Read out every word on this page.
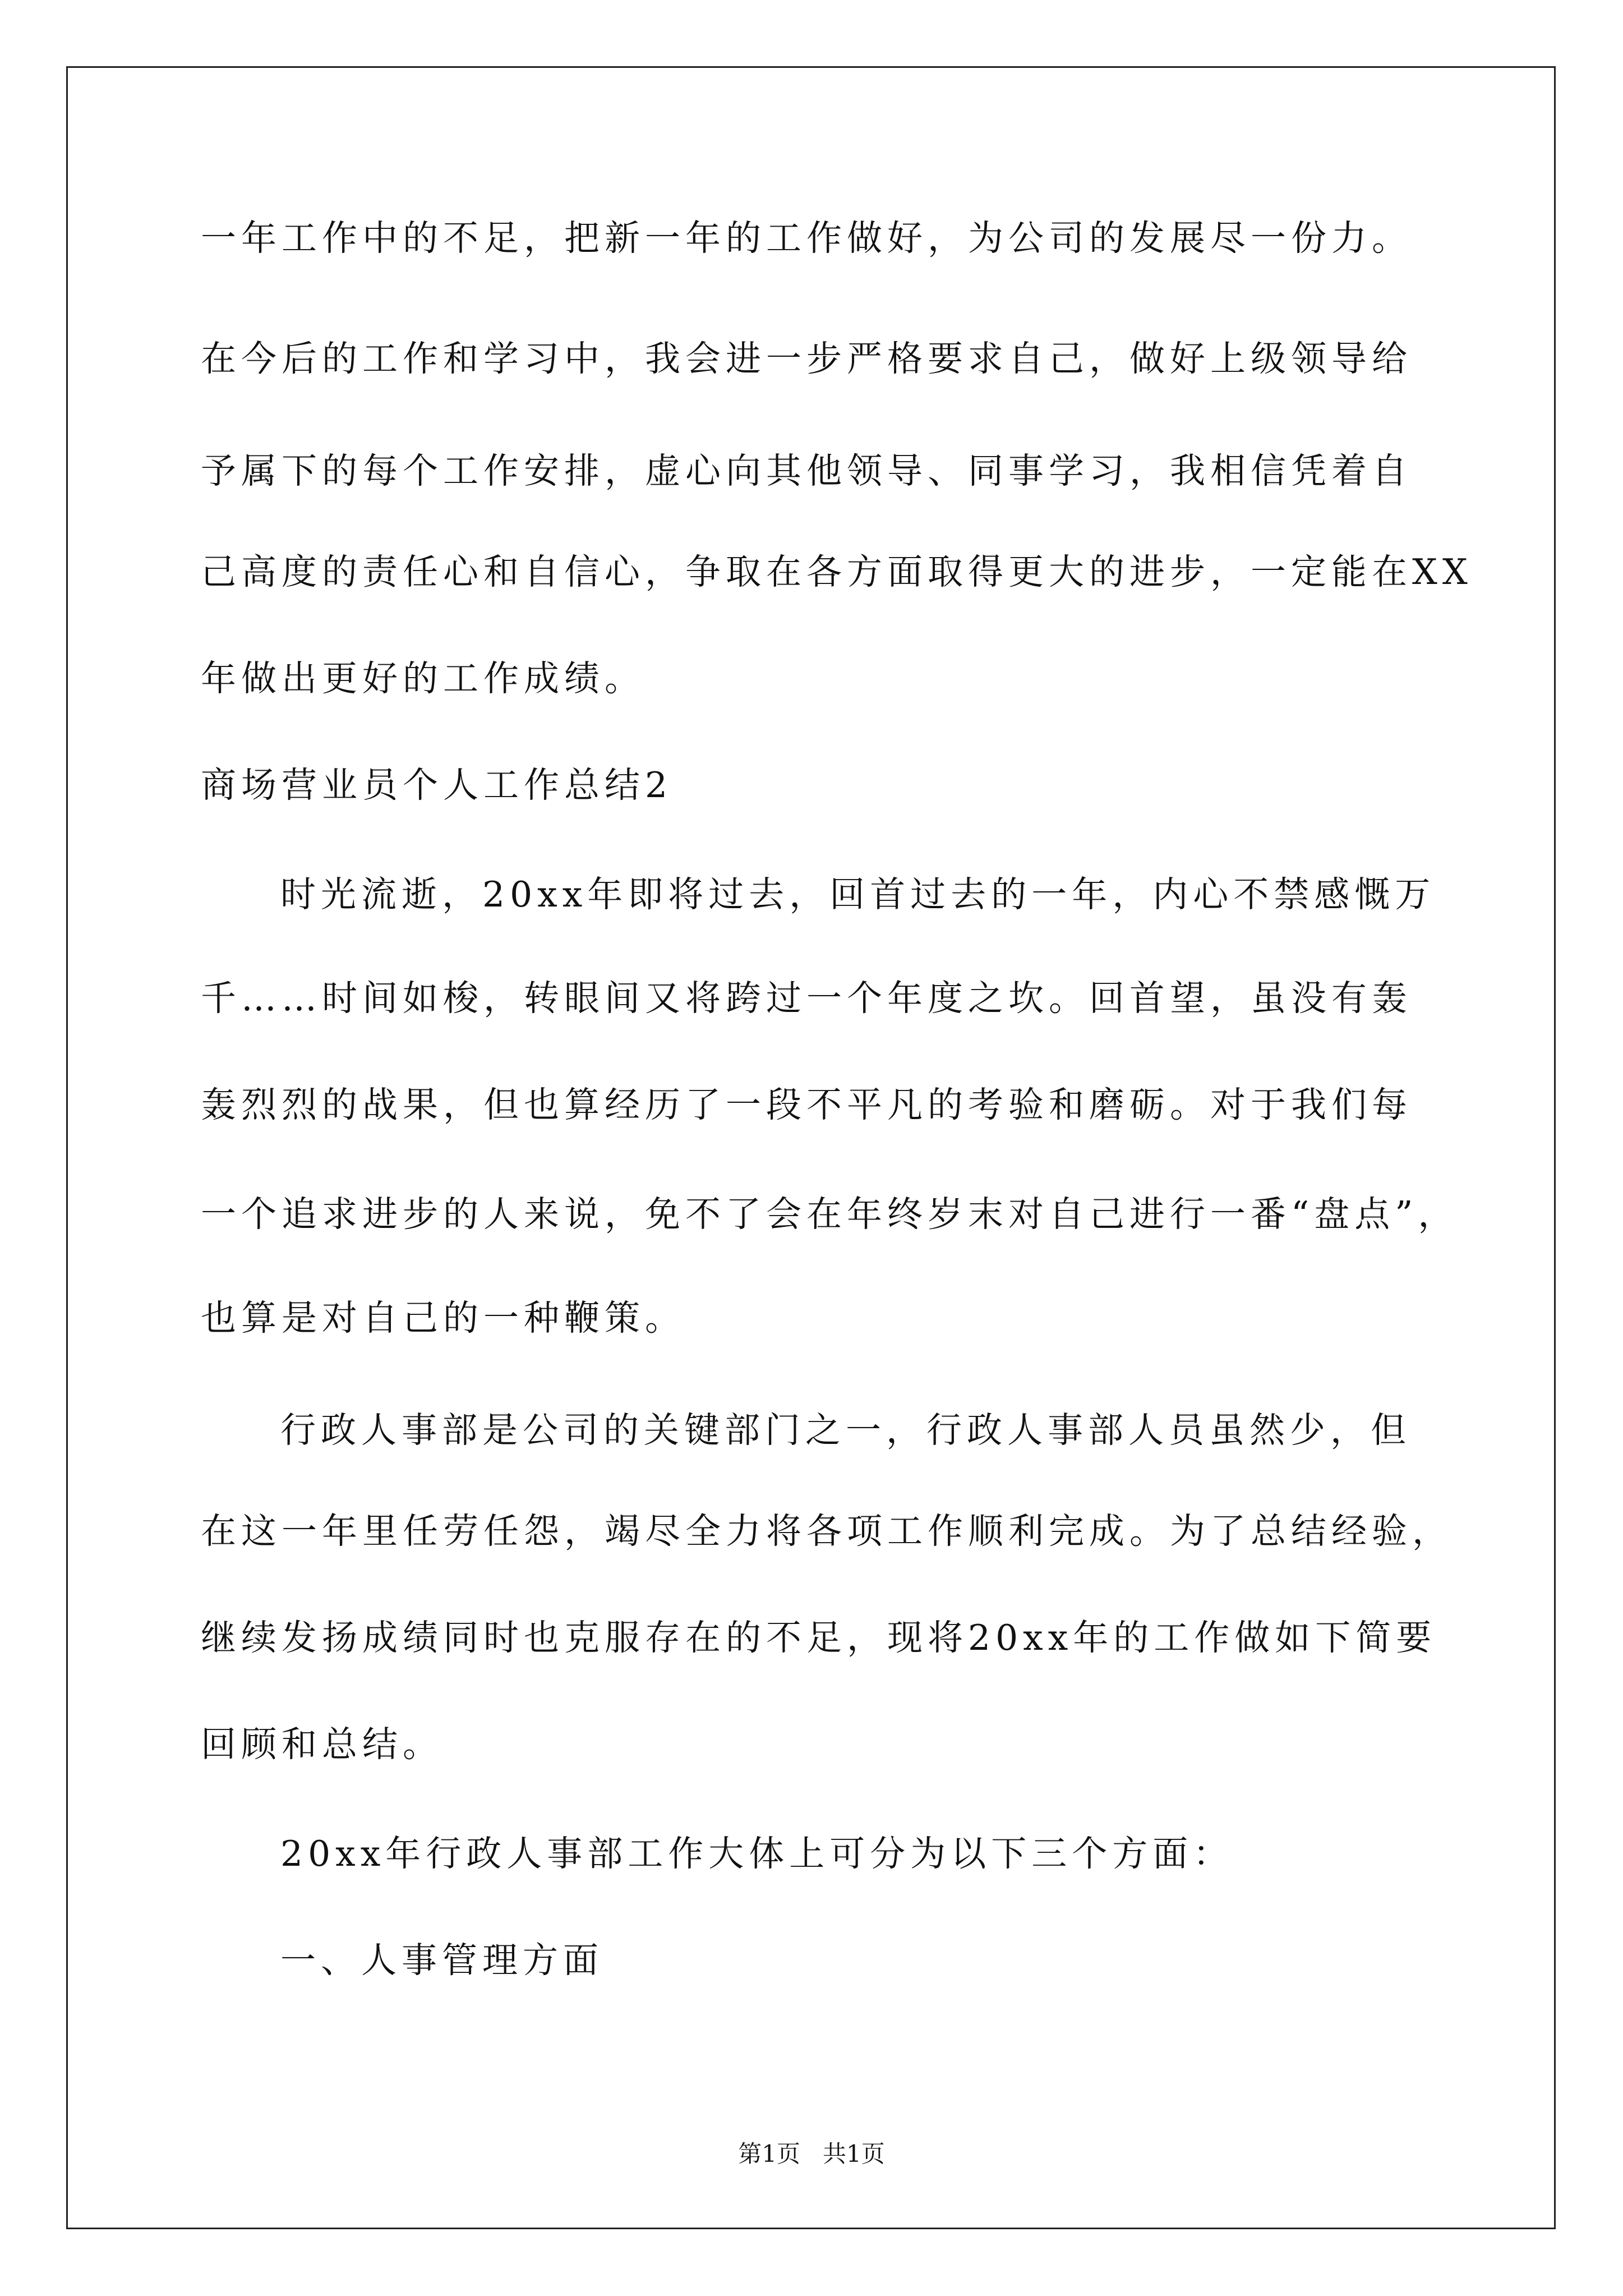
一年工作中的不足，把新一年的工作做好，为公司的发展尽一份力。
在今后的工作和学习中，我会进一步严格要求自己，做好上级领导给
予属下的每个工作安排，虚心向其他领导、同事学习，我相信凭着自
己高度的责任心和自信心，争取在各方面取得更大的进步，一定能在XX
年做出更好的工作成绩。
商场营业员个人工作总结2
时光流逝，20xx年即将过去，回首过去的一年，内心不禁感慨万
千……时间如梭，转眼间又将跨过一个年度之坎。回首望，虽没有轰
轰烈烈的战果，但也算经历了一段不平凡的考验和磨砺。对于我们每
一个追求进步的人来说，免不了会在年终岁末对自己进行一番“盘点”，
也算是对自己的一种鞭策。
行政人事部是公司的关键部门之一，行政人事部人员虽然少，但
在这一年里任劳任怨，竭尽全力将各项工作顺利完成。为了总结经验，
继续发扬成绩同时也克服存在的不足，现将20xx年的工作做如下简要
回顾和总结。
20xx年行政人事部工作大体上可分为以下三个方面：
一、人事管理方面
第1页   共1页
